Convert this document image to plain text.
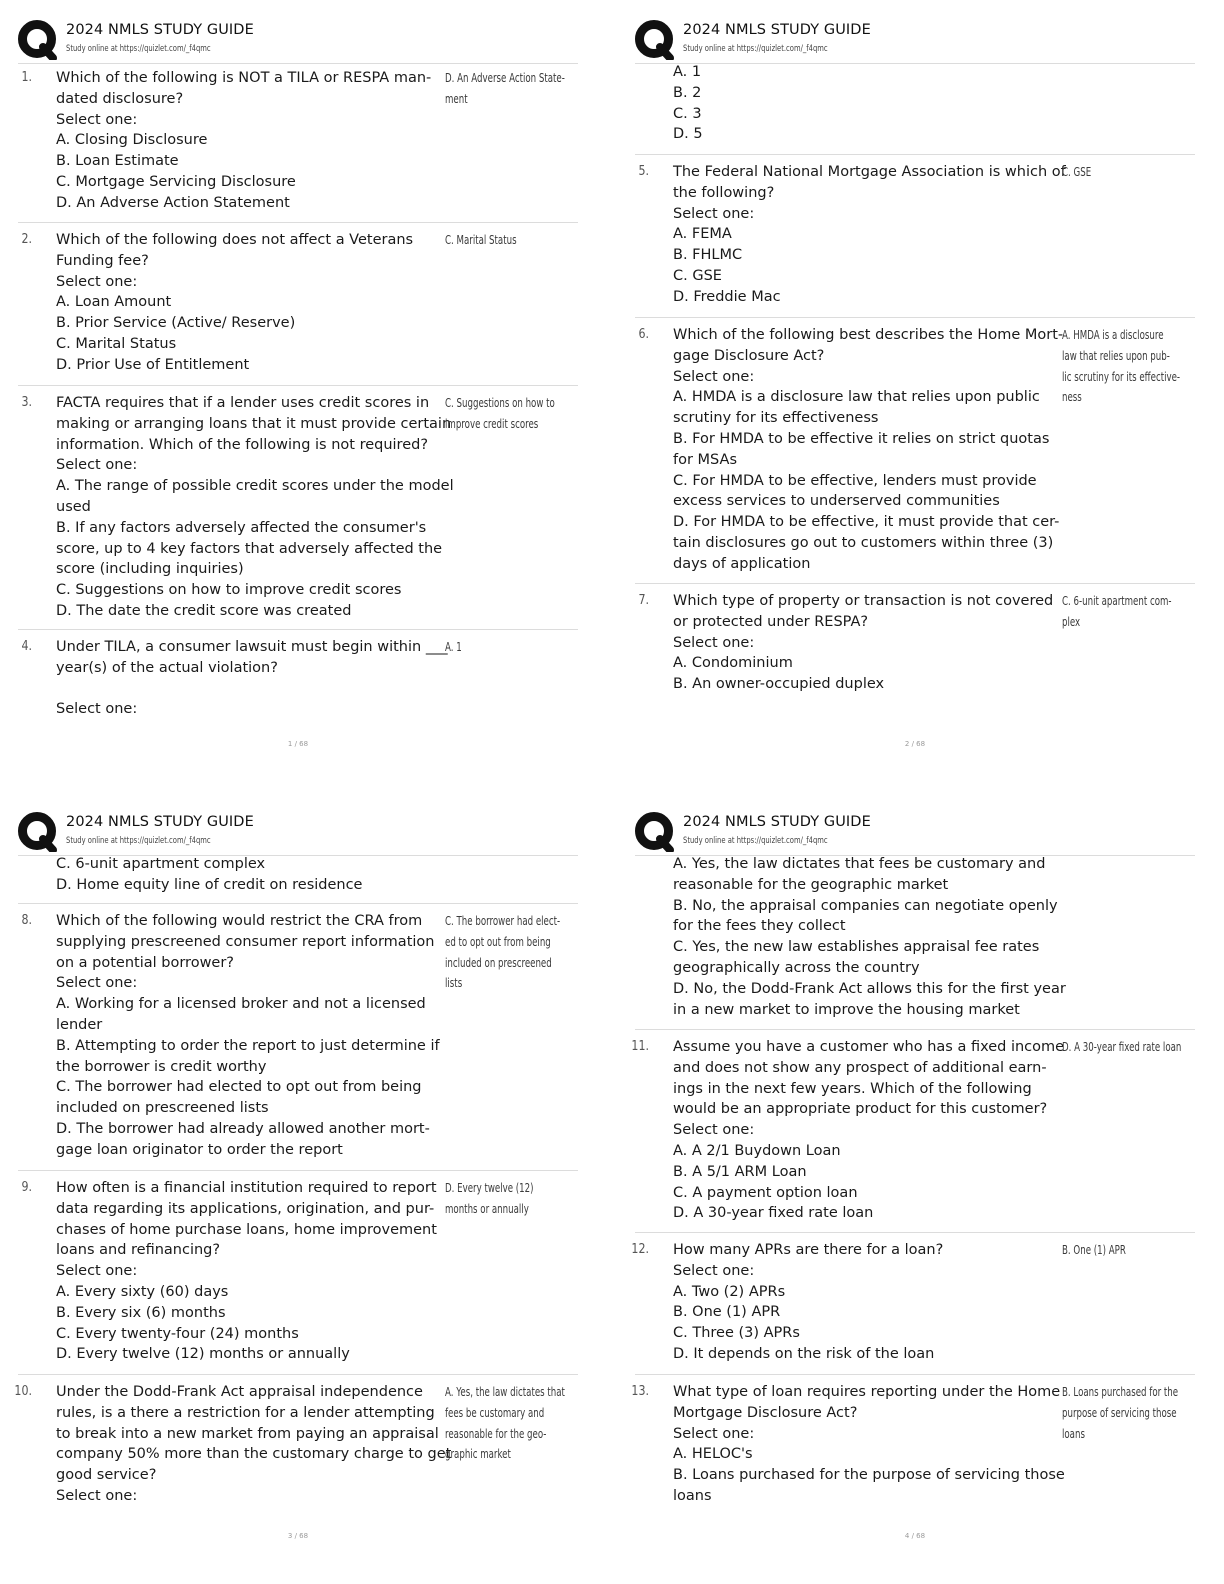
2024 NMLS STUDY GUIDE
Study online at https://quizlet.com/_f4qmc
1. Which of the following is NOT a TILA or RESPA man-
dated disclosure?
Select one:
A. Closing Disclosure
B. Loan Estimate
C. Mortgage Servicing Disclosure
D. An Adverse Action Statement
D. An Adverse Action State-
ment
2. Which of the following does not affect a Veterans
Funding fee?
Select one:
A. Loan Amount
B. Prior Service (Active/ Reserve)
C. Marital Status
D. Prior Use of Entitlement
C. Marital Status
3. FACTA requires that if a lender uses credit scores in
making or arranging loans that it must provide certain
information. Which of the following is not required?
Select one:
A. The range of possible credit scores under the model
used
B. If any factors adversely affected the consumer's
score, up to 4 key factors that adversely affected the
score (including inquiries)
C. Suggestions on how to improve credit scores
D. The date the credit score was created
C. Suggestions on how to
improve credit scores
4. Under TILA, a consumer lawsuit must begin within ___
year(s) of the actual violation?
Select one:
A. 1
1 / 68
2024 NMLS STUDY GUIDE
Study online at https://quizlet.com/_f4qmc
A. 1
B. 2
C. 3
D. 5
5. The Federal National Mortgage Association is which of
the following?
Select one:
A. FEMA
B. FHLMC
C. GSE
D. Freddie Mac
C. GSE
6. Which of the following best describes the Home Mort-
gage Disclosure Act?
Select one:
A. HMDA is a disclosure law that relies upon public
scrutiny for its effectiveness
B. For HMDA to be effective it relies on strict quotas
for MSAs
C. For HMDA to be effective, lenders must provide
excess services to underserved communities
D. For HMDA to be effective, it must provide that cer-
tain disclosures go out to customers within three (3)
days of application
A. HMDA is a disclosure
law that relies upon pub-
lic scrutiny for its effective-
ness
7. Which type of property or transaction is not covered
or protected under RESPA?
Select one:
A. Condominium
B. An owner-occupied duplex
C. 6-unit apartment com-
plex
2 / 68
2024 NMLS STUDY GUIDE
Study online at https://quizlet.com/_f4qmc
C. 6-unit apartment complex
D. Home equity line of credit on residence
8. Which of the following would restrict the CRA from
supplying prescreened consumer report information
on a potential borrower?
Select one:
A. Working for a licensed broker and not a licensed
lender
B. Attempting to order the report to just determine if
the borrower is credit worthy
C. The borrower had elected to opt out from being
included on prescreened lists
D. The borrower had already allowed another mort-
gage loan originator to order the report
C. The borrower had elect-
ed to opt out from being
included on prescreened
lists
9. How often is a financial institution required to report
data regarding its applications, origination, and pur-
chases of home purchase loans, home improvement
loans and refinancing?
Select one:
A. Every sixty (60) days
B. Every six (6) months
C. Every twenty-four (24) months
D. Every twelve (12) months or annually
D. Every twelve (12)
months or annually
10. Under the Dodd-Frank Act appraisal independence
rules, is a there a restriction for a lender attempting
to break into a new market from paying an appraisal
company 50% more than the customary charge to get
good service?
Select one:
A. Yes, the law dictates that
fees be customary and
reasonable for the geo-
graphic market
3 / 68
2024 NMLS STUDY GUIDE
Study online at https://quizlet.com/_f4qmc
A. Yes, the law dictates that fees be customary and
reasonable for the geographic market
B. No, the appraisal companies can negotiate openly
for the fees they collect
C. Yes, the new law establishes appraisal fee rates
geographically across the country
D. No, the Dodd-Frank Act allows this for the first year
in a new market to improve the housing market
11. Assume you have a customer who has a fixed income
and does not show any prospect of additional earn-
ings in the next few years. Which of the following
would be an appropriate product for this customer?
Select one:
A. A 2/1 Buydown Loan
B. A 5/1 ARM Loan
C. A payment option loan
D. A 30-year fixed rate loan
D. A 30-year fixed rate loan
12. How many APRs are there for a loan?
Select one:
A. Two (2) APRs
B. One (1) APR
C. Three (3) APRs
D. It depends on the risk of the loan
B. One (1) APR
13. What type of loan requires reporting under the Home
Mortgage Disclosure Act?
Select one:
A. HELOC's
B. Loans purchased for the purpose of servicing those
loans
B. Loans purchased for the
purpose of servicing those
loans
4 / 68
